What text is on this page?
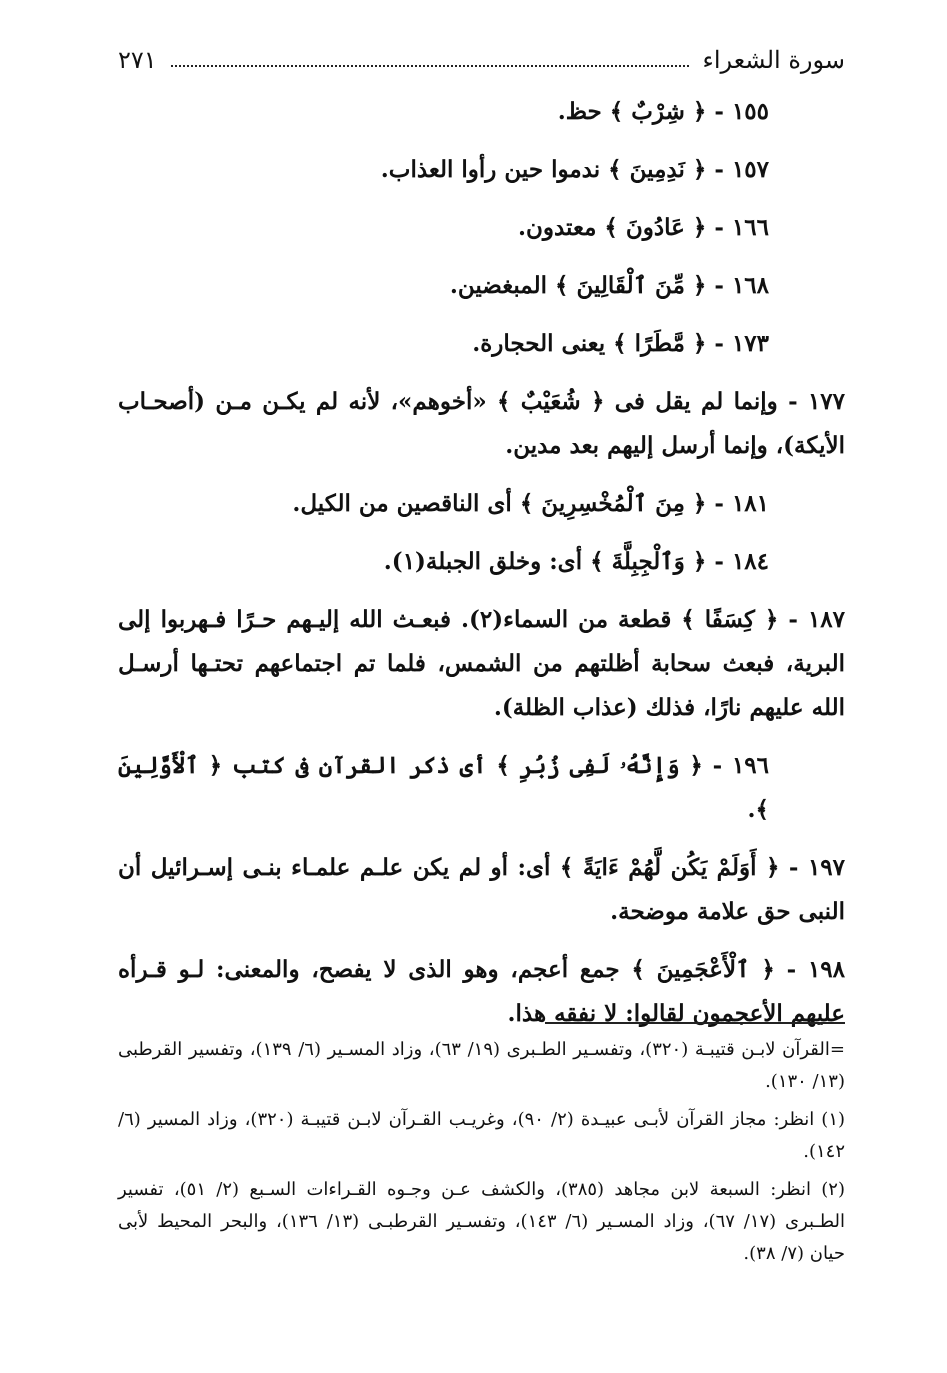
سورة الشعراء
٢٧١

١٥٥ - ﴿ شِرْبٌ ﴾ حظ.

١٥٧ - ﴿ نَدِمِينَ ﴾ ندموا حين رأوا العذاب.

١٦٦ - ﴿ عَادُونَ ﴾ معتدون.

١٦٨ - ﴿ مِّنَ ٱلْقَالِينَ ﴾ المبغضين.

١٧٣ - ﴿ مَّطَرًا ﴾ يعنى الحجارة.

١٧٧ - وإنما لم يقل فى ﴿ شُعَيْبٌ ﴾ «أخوهم»، لأنه لم يكـن مـن (أصحـاب الأيكة)، وإنما أرسل إليهم بعد مدين.

١٨١ - ﴿ مِنَ ٱلْمُخْسِرِينَ ﴾ أى الناقصين من الكيل.

١٨٤ - ﴿ وَٱلْجِبِلَّةَ ﴾ أى: وخلق الجبلة(١).

١٨٧ - ﴿ كِسَفًا ﴾ قطعة من السماء(٢). فبعـث الله إليـهم حـرًا فـهربوا إلى البرية، فبعث سحابة أظلتهم من الشمس، فلما تم اجتماعهم تحتـها أرسـل الله عليهم نارًا، فذلك (عذاب الظلة).

١٩٦ - ﴿ وَإِنَّهُۥ لَفِى زُبُرِ ﴾ أى ذكر القرآن فى كتب ﴿ ٱلْأَوَّلِينَ ﴾.

١٩٧ - ﴿ أَوَلَمْ يَكُن لَّهُمْ ءَايَةً ﴾ أى: أو لم يكن علـم علمـاء بنـى إسـرائيل أن النبى حق علامة موضحة.

١٩٨ - ﴿ ٱلْأَعْجَمِينَ ﴾ جمع أعجم، وهو الذى لا يفصح، والمعنى: لـو قـرأه عليهم الأعجمون لقالوا: لا نفقه هذا.

=القرآن لابـن قتيبـة (٣٢٠)، وتفسـير الطـبرى (١٩/ ٦٣)، وزاد المسـير (٦/ ١٣٩)، وتفسير القرطبى (١٣/ ١٣٠).

(١) انظر: مجاز القرآن لأبـى عبيـدة (٢/ ٩٠)، وغريـب القـرآن لابـن قتيبـة (٣٢٠)، وزاد المسير (٦/ ١٤٢).

(٢) انظر: السبعة لابن مجاهد (٣٨٥)، والكشف عـن وجـوه القـراءات السـبع (٢/ ٥١)، تفسير الطـبرى (١٧/ ٦٧)، وزاد المسـير (٦/ ١٤٣)، وتفسـير القرطبـى (١٣/ ١٣٦)، والبحر المحيط لأبى حيان (٧/ ٣٨).
